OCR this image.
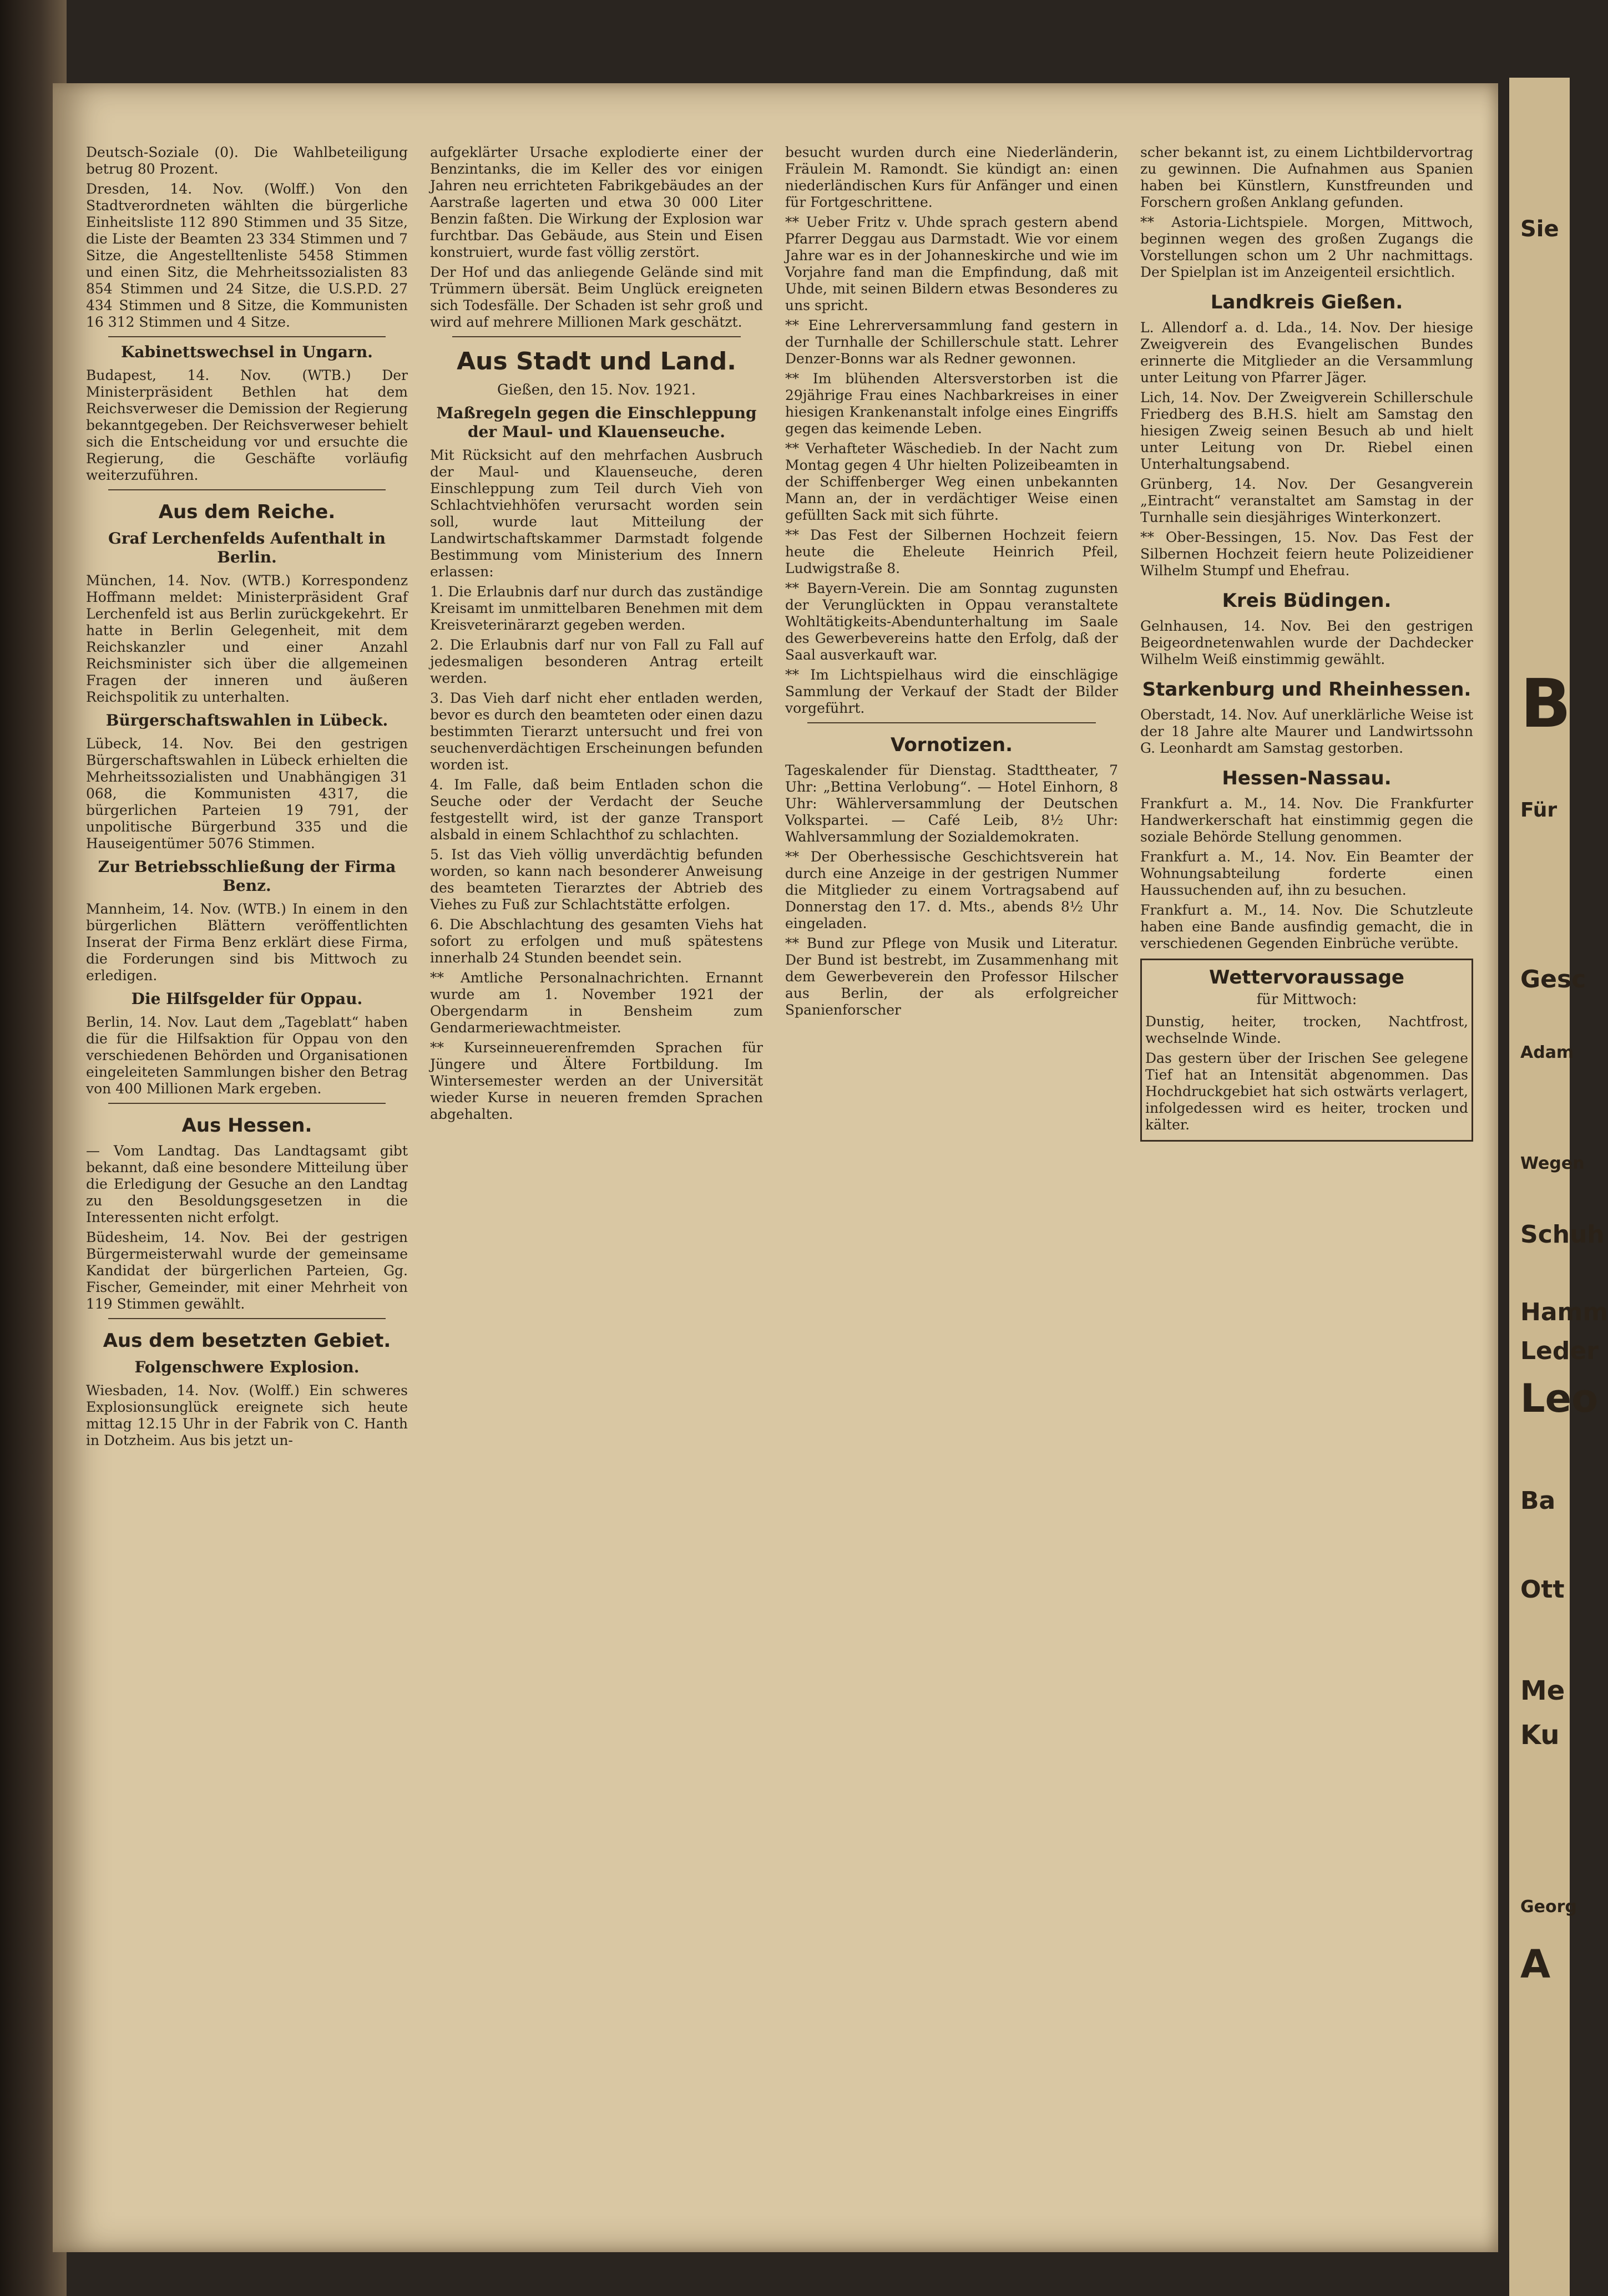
Deutsch-Soziale (0). Die Wahlbeteiligung betrug 80 Prozent.

Dresden, 14. Nov. (Wolff.) Von den Stadtverordneten wählten die bürgerliche Einheitsliste 112 890 Stimmen und 35 Sitze, die Liste der Beamten 23 334 Stimmen und 7 Sitze, die Angestelltenliste 5458 Stimmen und einen Sitz, die Mehrheitssozialisten 83 854 Stimmen und 24 Sitze, die U.S.P.D. 27 434 Stimmen und 8 Sitze, die Kommunisten 16 312 Stimmen und 4 Sitze.

Kabinettswechsel in Ungarn.

Budapest, 14. Nov. (WTB.) Der Ministerpräsident Bethlen hat dem Reichsverweser die Demission der Regierung bekanntgegeben. Der Reichsverweser behielt sich die Entscheidung vor und ersuchte die Regierung, die Geschäfte vorläufig weiterzuführen.

Aus dem Reiche.
Graf Lerchenfelds Aufenthalt in Berlin.

München, 14. Nov. (WTB.) Korrespondenz Hoffmann meldet: Ministerpräsident Graf Lerchenfeld ist aus Berlin zurückgekehrt. Er hatte in Berlin Gelegenheit, mit dem Reichskanzler und einer Anzahl Reichsminister sich über die allgemeinen Fragen der inneren und äußeren Reichspolitik zu unterhalten.

Bürgerschaftswahlen in Lübeck.

Lübeck, 14. Nov. Bei den gestrigen Bürgerschaftswahlen in Lübeck erhielten die Mehrheitssozialisten und Unabhängigen 31 068, die Kommunisten 4317, die bürgerlichen Parteien 19 791, der unpolitische Bürgerbund 335 und die Hauseigentümer 5076 Stimmen.

Zur Betriebsschließung der Firma Benz.

Mannheim, 14. Nov. (WTB.) In einem in den bürgerlichen Blättern veröffentlichten Inserat der Firma Benz erklärt diese Firma, die Forderungen sind bis Mittwoch zu erledigen.

Die Hilfsgelder für Oppau.

Berlin, 14. Nov. Laut dem „Tageblatt“ haben die für die Hilfsaktion für Oppau von den verschiedenen Behörden und Organisationen eingeleiteten Sammlungen bisher den Betrag von 400 Millionen Mark ergeben.

Aus Hessen.

— Vom Landtag. Das Landtagsamt gibt bekannt, daß eine besondere Mitteilung über die Erledigung der Gesuche an den Landtag zu den Besoldungsgesetzen in die Interessenten nicht erfolgt.

Büdesheim, 14. Nov. Bei der gestrigen Bürgermeisterwahl wurde der gemeinsame Kandidat der bürgerlichen Parteien, Gg. Fischer, Gemeinder, mit einer Mehrheit von 119 Stimmen gewählt.

Aus dem besetzten Gebiet.
Folgenschwere Explosion.

Wiesbaden, 14. Nov. (Wolff.) Ein schweres Explosionsunglück ereignete sich heute mittag 12.15 Uhr in der Fabrik von C. Hanth in Dotzheim. Aus bis jetzt un-

aufgeklärter Ursache explodierte einer der Benzintanks, die im Keller des vor einigen Jahren neu errichteten Fabrikgebäudes an der Aarstraße lagerten und etwa 30 000 Liter Benzin faßten. Die Wirkung der Explosion war furchtbar. Das Gebäude, aus Stein und Eisen konstruiert, wurde fast völlig zerstört.

Der Hof und das anliegende Gelände sind mit Trümmern übersät. Beim Unglück ereigneten sich Todesfälle. Der Schaden ist sehr groß und wird auf mehrere Millionen Mark geschätzt.

Aus Stadt und Land.
Gießen, den 15. Nov. 1921.
Maßregeln gegen die Einschleppung der Maul- und Klauenseuche.

Mit Rücksicht auf den mehrfachen Ausbruch der Maul- und Klauenseuche, deren Einschleppung zum Teil durch Vieh von Schlachtviehhöfen verursacht worden sein soll, wurde laut Mitteilung der Landwirtschaftskammer Darmstadt folgende Bestimmung vom Ministerium des Innern erlassen:

1. Die Erlaubnis darf nur durch das zuständige Kreisamt im unmittelbaren Benehmen mit dem Kreisveterinärarzt gegeben werden.

2. Die Erlaubnis darf nur von Fall zu Fall auf jedesmaligen besonderen Antrag erteilt werden.

3. Das Vieh darf nicht eher entladen werden, bevor es durch den beamteten oder einen dazu bestimmten Tierarzt untersucht und frei von seuchenverdächtigen Erscheinungen befunden worden ist.

4. Im Falle, daß beim Entladen schon die Seuche oder der Verdacht der Seuche festgestellt wird, ist der ganze Transport alsbald in einem Schlachthof zu schlachten.

5. Ist das Vieh völlig unverdächtig befunden worden, so kann nach besonderer Anweisung des beamteten Tierarztes der Abtrieb des Viehes zu Fuß zur Schlachtstätte erfolgen.

6. Die Abschlachtung des gesamten Viehs hat sofort zu erfolgen und muß spätestens innerhalb 24 Stunden beendet sein.

** Amtliche Personalnachrichten. Ernannt wurde am 1. November 1921 der Obergendarm in Bensheim zum Gendarmeriewachtmeister.

** Kurseinneuerenfremden Sprachen für Jüngere und Ältere Fortbildung. Im Wintersemester werden an der Universität wieder Kurse in neueren fremden Sprachen abgehalten.

besucht wurden durch eine Niederländerin, Fräulein M. Ramondt. Sie kündigt an: einen niederländischen Kurs für Anfänger und einen für Fortgeschrittene.

** Ueber Fritz v. Uhde sprach gestern abend Pfarrer Deggau aus Darmstadt. Wie vor einem Jahre war es in der Johanneskirche und wie im Vorjahre fand man die Empfindung, daß mit Uhde, mit seinen Bildern etwas Besonderes zu uns spricht.

** Eine Lehrerversammlung fand gestern in der Turnhalle der Schillerschule statt. Lehrer Denzer-Bonns war als Redner gewonnen.

** Im blühenden Altersverstorben ist die 29jährige Frau eines Nachbarkreises in einer hiesigen Krankenanstalt infolge eines Eingriffs gegen das keimende Leben.

** Verhafteter Wäschedieb. In der Nacht zum Montag gegen 4 Uhr hielten Polizeibeamten in der Schiffenberger Weg einen unbekannten Mann an, der in verdächtiger Weise einen gefüllten Sack mit sich führte.

** Das Fest der Silbernen Hochzeit feiern heute die Eheleute Heinrich Pfeil, Ludwigstraße 8.

** Bayern-Verein. Die am Sonntag zugunsten der Verunglückten in Oppau veranstaltete Wohltätigkeits-Abendunterhaltung im Saale des Gewerbevereins hatte den Erfolg, daß der Saal ausverkauft war.

** Im Lichtspielhaus wird die einschlägige Sammlung der Verkauf der Stadt der Bilder vorgeführt.

Vornotizen.

Tageskalender für Dienstag. Stadttheater, 7 Uhr: „Bettina Verlobung“. — Hotel Einhorn, 8 Uhr: Wählerversammlung der Deutschen Volkspartei. — Café Leib, 8½ Uhr: Wahlversammlung der Sozialdemokraten.

** Der Oberhessische Geschichtsverein hat durch eine Anzeige in der gestrigen Nummer die Mitglieder zu einem Vortragsabend auf Donnerstag den 17. d. Mts., abends 8½ Uhr eingeladen.

** Bund zur Pflege von Musik und Literatur. Der Bund ist bestrebt, im Zusammenhang mit dem Gewerbeverein den Professor Hilscher aus Berlin, der als erfolgreicher Spanienforscher

scher bekannt ist, zu einem Lichtbildervortrag zu gewinnen. Die Aufnahmen aus Spanien haben bei Künstlern, Kunstfreunden und Forschern großen Anklang gefunden.

** Astoria-Lichtspiele. Morgen, Mittwoch, beginnen wegen des großen Zugangs die Vorstellungen schon um 2 Uhr nachmittags. Der Spielplan ist im Anzeigenteil ersichtlich.

Landkreis Gießen.

L. Allendorf a. d. Lda., 14. Nov. Der hiesige Zweigverein des Evangelischen Bundes erinnerte die Mitglieder an die Versammlung unter Leitung von Pfarrer Jäger.

Lich, 14. Nov. Der Zweigverein Schillerschule Friedberg des B.H.S. hielt am Samstag den hiesigen Zweig seinen Besuch ab und hielt unter Leitung von Dr. Riebel einen Unterhaltungsabend.

Grünberg, 14. Nov. Der Gesangverein „Eintracht“ veranstaltet am Samstag in der Turnhalle sein diesjähriges Winterkonzert.

** Ober-Bessingen, 15. Nov. Das Fest der Silbernen Hochzeit feiern heute Polizeidiener Wilhelm Stumpf und Ehefrau.

Kreis Büdingen.

Gelnhausen, 14. Nov. Bei den gestrigen Beigeordnetenwahlen wurde der Dachdecker Wilhelm Weiß einstimmig gewählt.

Starkenburg und Rheinhessen.

Oberstadt, 14. Nov. Auf unerklärliche Weise ist der 18 Jahre alte Maurer und Landwirtssohn G. Leonhardt am Samstag gestorben.

Hessen-Nassau.

Frankfurt a. M., 14. Nov. Die Frankfurter Handwerkerschaft hat einstimmig gegen die soziale Behörde Stellung genommen.

Frankfurt a. M., 14. Nov. Ein Beamter der Wohnungsabteilung forderte einen Haussuchenden auf, ihn zu besuchen.

Frankfurt a. M., 14. Nov. Die Schutzleute haben eine Bande ausfindig gemacht, die in verschiedenen Gegenden Einbrüche verübte.

Wettervoraussage
für Mittwoch:

Dunstig, heiter, trocken, Nachtfrost, wechselnde Winde.

Das gestern über der Irischen See gelegene Tief hat an Intensität abgenommen. Das Hochdruckgebiet hat sich ostwärts verlagert, infolgedessen wird es heiter, trocken und kälter.

Sie
B
Für
Gesc
Adam
Wegen
Schuh
Hamm
Leder
Leo
Ba
Ott
Me
Ku
Georg
A
